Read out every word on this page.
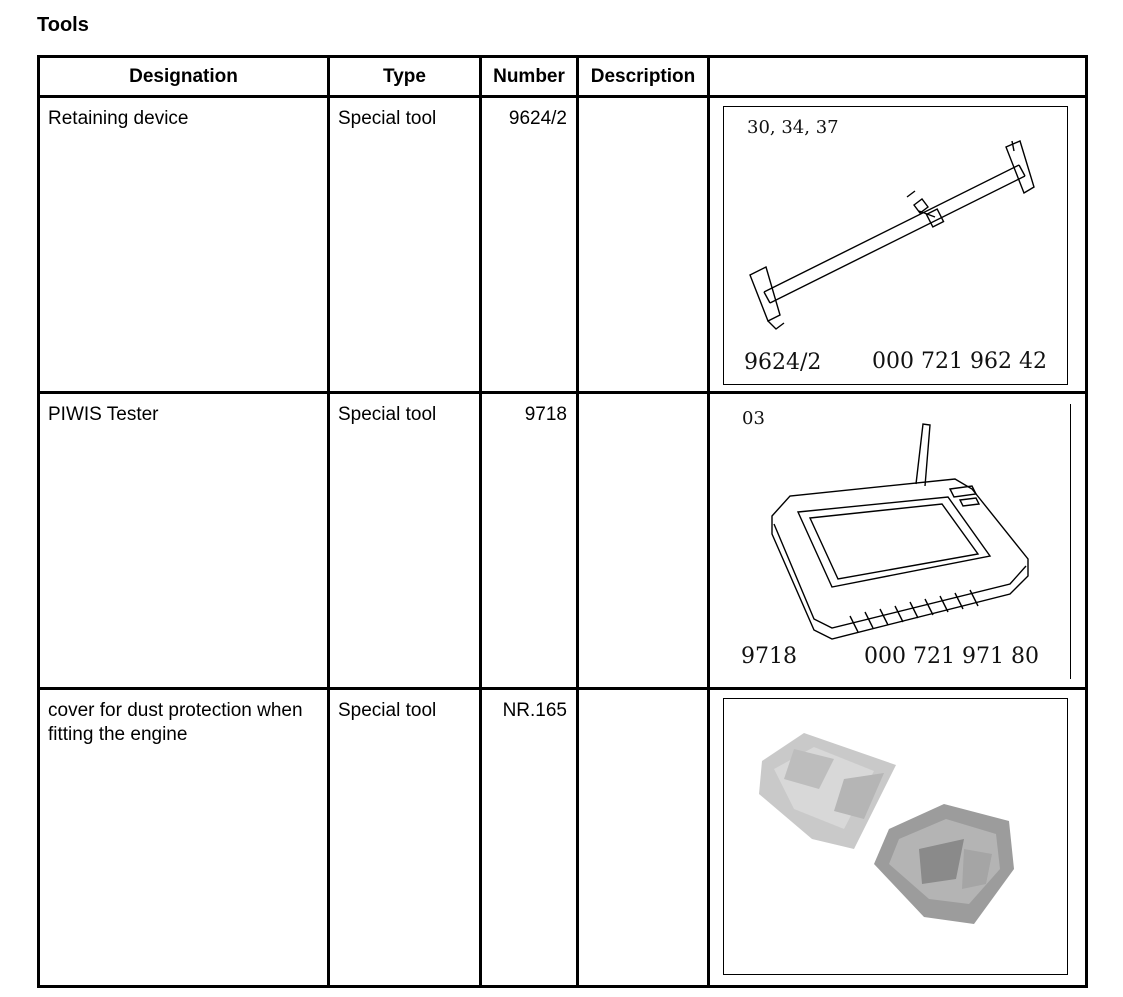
Tools
Designation	Type	Number	Description	

Retaining device	Special tool	9624/2		30, 34, 37
9624/2 000 721 962 42

PIWIS Tester	Special tool	9718		03
9718 000 721 971 80

cover for dust protection when fitting the engine	Special tool	NR.165
